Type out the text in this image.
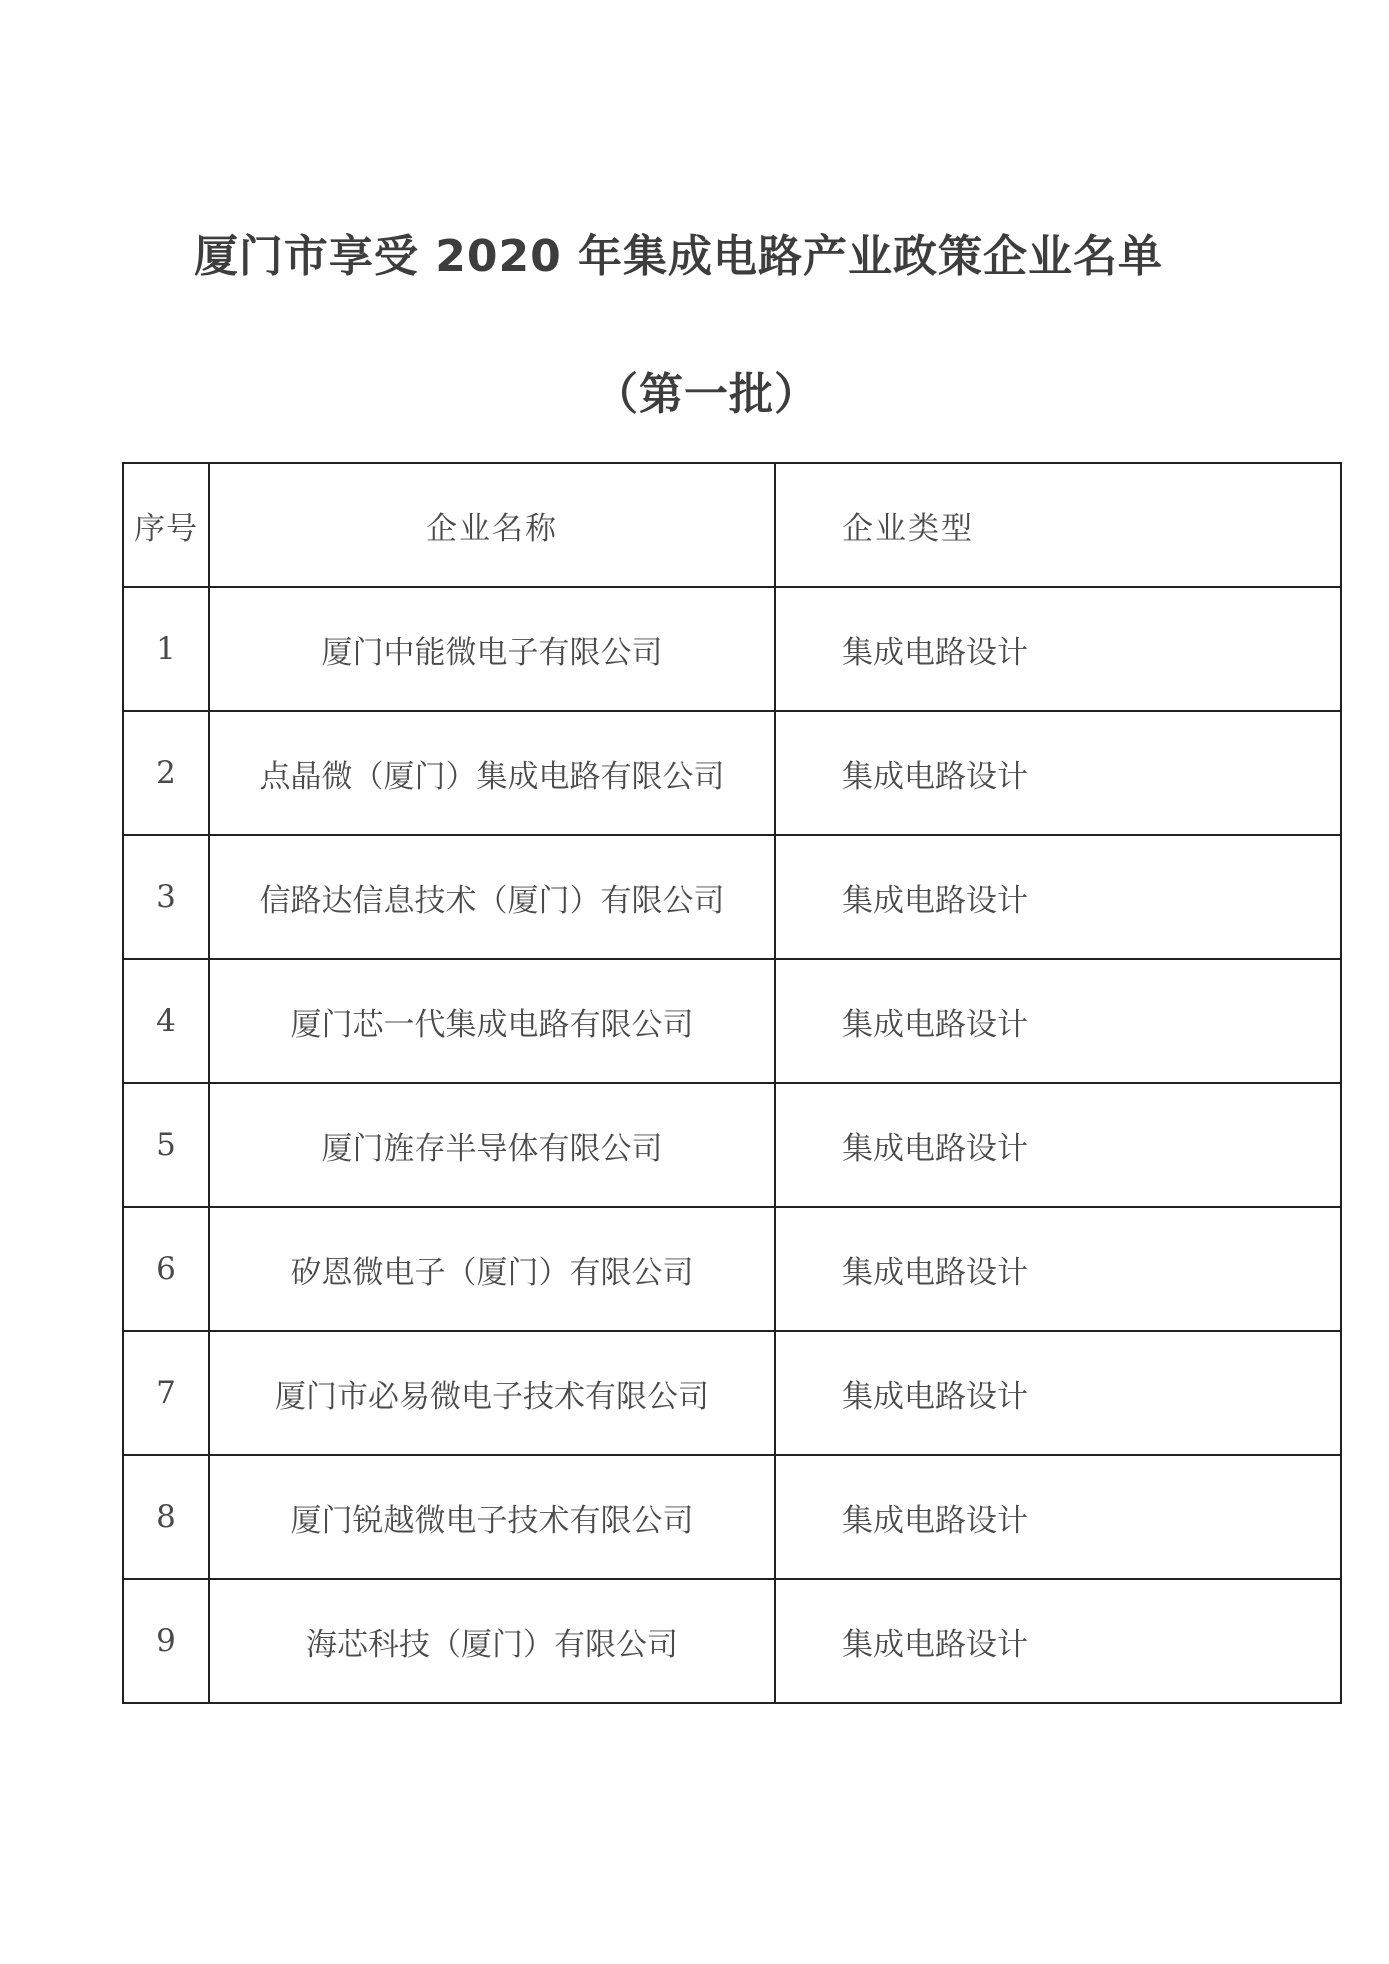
厦门市享受 2020 年集成电路产业政策企业名单
（第一批）
序号	企业名称	企业类型
1	厦门中能微电子有限公司	集成电路设计
2	点晶微（厦门）集成电路有限公司	集成电路设计
3	信路达信息技术（厦门）有限公司	集成电路设计
4	厦门芯一代集成电路有限公司	集成电路设计
5	厦门旌存半导体有限公司	集成电路设计
6	矽恩微电子（厦门）有限公司	集成电路设计
7	厦门市必易微电子技术有限公司	集成电路设计
8	厦门锐越微电子技术有限公司	集成电路设计
9	海芯科技（厦门）有限公司	集成电路设计
